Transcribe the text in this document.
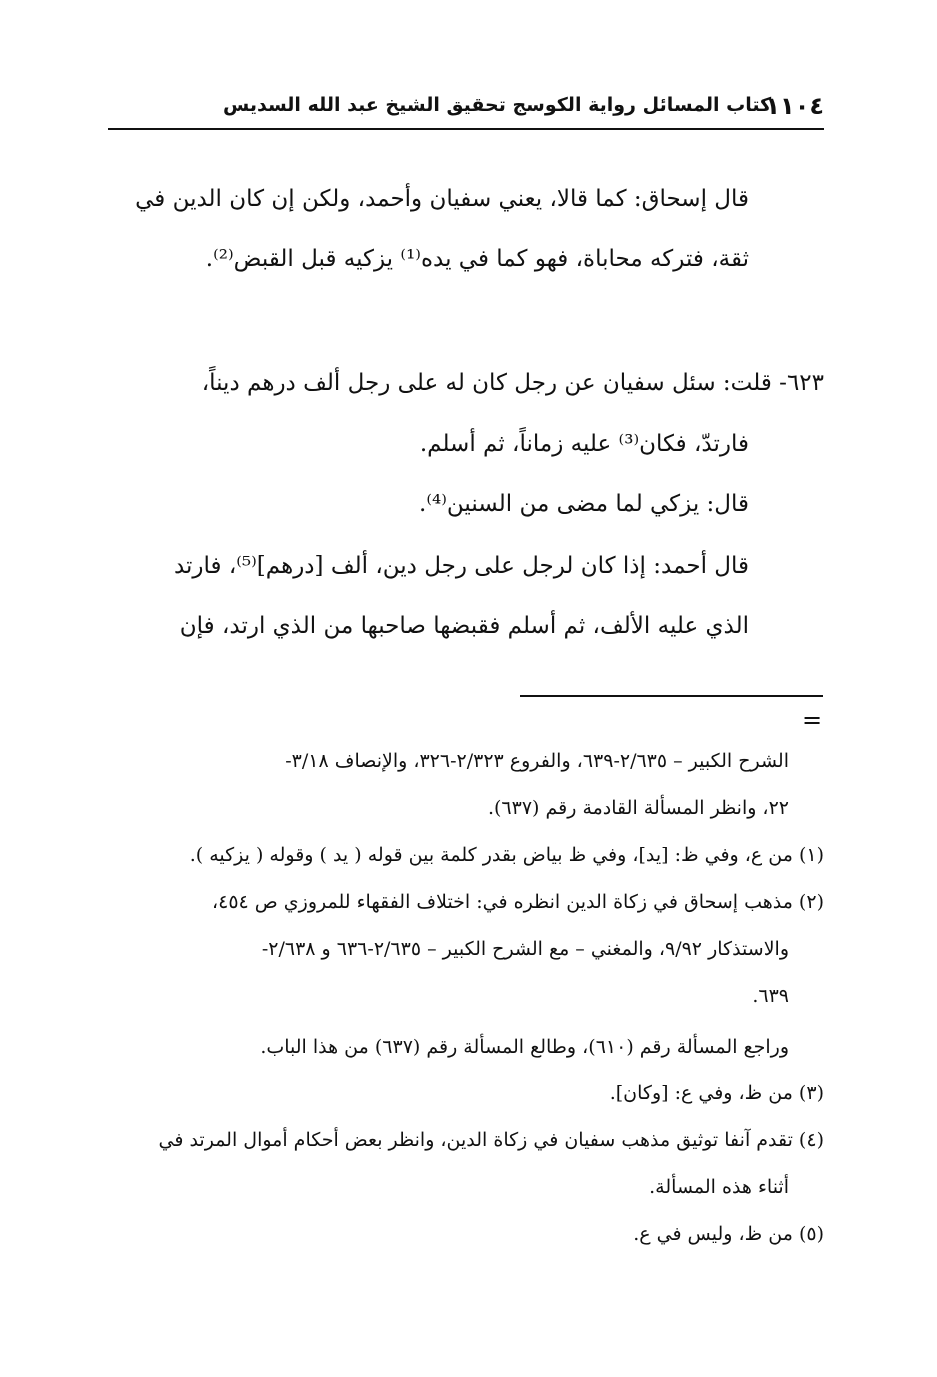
١١٠٤
كتاب المسائل رواية الكوسج تحقيق الشيخ عبد الله السديس
قال إسحاق: كما قالا، يعني سفيان وأحمد، ولكن إن كان الدين في
ثقة، فتركه محاباة، فهو كما في يده⁽¹⁾ يزكيه قبل القبض⁽²⁾.
٦٢٣- قلت: سئل سفيان عن رجل كان له على رجل ألف درهم ديناً،
فارتدّ، فكان⁽³⁾ عليه زماناً، ثم أسلم.
قال: يزكي لما مضى من السنين⁽⁴⁾.
قال أحمد: إذا كان لرجل على رجل دين، ألف [درهم]⁽⁵⁾، فارتد
الذي عليه الألف، ثم أسلم فقبضها صاحبها من الذي ارتد، فإن
=
الشرح الكبير – ٢/٦٣٥-٦٣٩، والفروع ٢/٣٢٣-٣٢٦، والإنصاف ٣/١٨-
٢٢، وانظر المسألة القادمة رقم (٦٣٧).
(١) من ع، وفي ظ: [يد]، وفي ظ بياض بقدر كلمة بين قوله ( يد ) وقوله ( يزكيه ).
(٢) مذهب إسحاق في زكاة الدين انظره في: اختلاف الفقهاء للمروزي ص ٤٥٤،
والاستذكار ٩/٩٢، والمغني – مع الشرح الكبير – ٢/٦٣٥-٦٣٦ و ٢/٦٣٨-
٦٣٩.
وراجع المسألة رقم (٦١٠)، وطالع المسألة رقم (٦٣٧) من هذا الباب.
(٣) من ظ، وفي ع: [وكان].
(٤) تقدم آنفا توثيق مذهب سفيان في زكاة الدين، وانظر بعض أحكام أموال المرتد في
أثناء هذه المسألة.
(٥) من ظ، وليس في ع.
